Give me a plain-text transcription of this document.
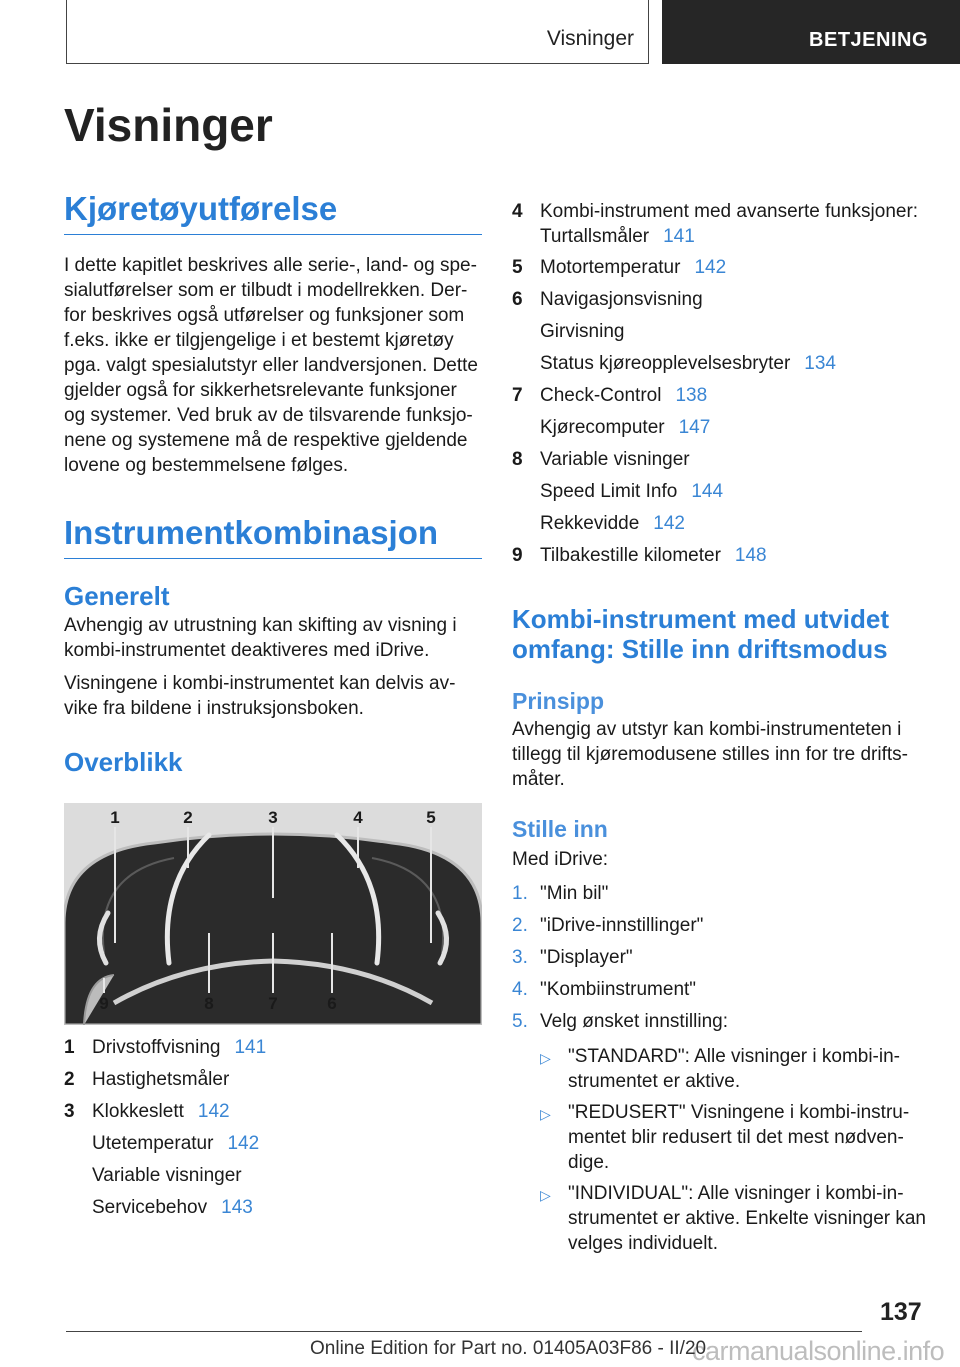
Visninger	BETJENING
Visninger
Kjøretøyutførelse

I dette kapitlet beskrives alle serie-, land- og spesialutførelser som er tilbudt i modellrekken. Derfor beskrives også utførelser og funksjoner som f.eks. ikke er tilgjengelige i et bestemt kjøretøy pga. valgt spesialutstyr eller landversjonen. Dette gjelder også for sikkerhetsrelevante funksjoner og systemer. Ved bruk av de tilsvarende funksjonene og systemene må de respektive gjeldende lovene og bestemmelsene følges.

Instrumentkombinasjon
Generelt

Avhengig av utrustning kan skifting av visning i kombi-instrumentet deaktiveres med iDrive.

Visningene i kombi-instrumentet kan delvis avvike fra bildene i instruksjonsboken.

Overblikk
1	2	3	4	5
9	8	7	6
1 Drivstoffvisning 141
2 Hastighetsmåler
3 Klokkeslett 142
Utetemperatur 142
Variable visninger
Servicebehov 143
4 Kombi-instrument med avanserte funksjoner: Turtallsmåler 141
5 Motortemperatur 142
6 Navigasjonsvisning
Girvisning
Status kjøreopplevelsesbryter 134
7 Check-Control 138
Kjørecomputer 147
8 Variable visninger
Speed Limit Info 144
Rekkevidde 142
9 Tilbakestille kilometer 148
Kombi-instrument med utvidet omfang: Stille inn driftsmodus
Prinsipp

Avhengig av utstyr kan kombi-instrumenteten i tillegg til kjøremodusene stilles inn for tre driftsmåter.

Stille inn

Med iDrive:

1. "Min bil"
2. "iDrive-innstillinger"
3. "Displayer"
4. "Kombiinstrument"
5. Velg ønsket innstilling:
▷ "STANDARD": Alle visninger i kombi-instrumentet er aktive.
▷ "REDUSERT" Visningene i kombi-instrumentet blir redusert til det mest nødvendige.
▷ "INDIVIDUAL": Alle visninger i kombi-instrumentet er aktive. Enkelte visninger kan velges individuelt.
137
carmanualsonline.info
Online Edition for Part no. 01405A03F86 - II/20
